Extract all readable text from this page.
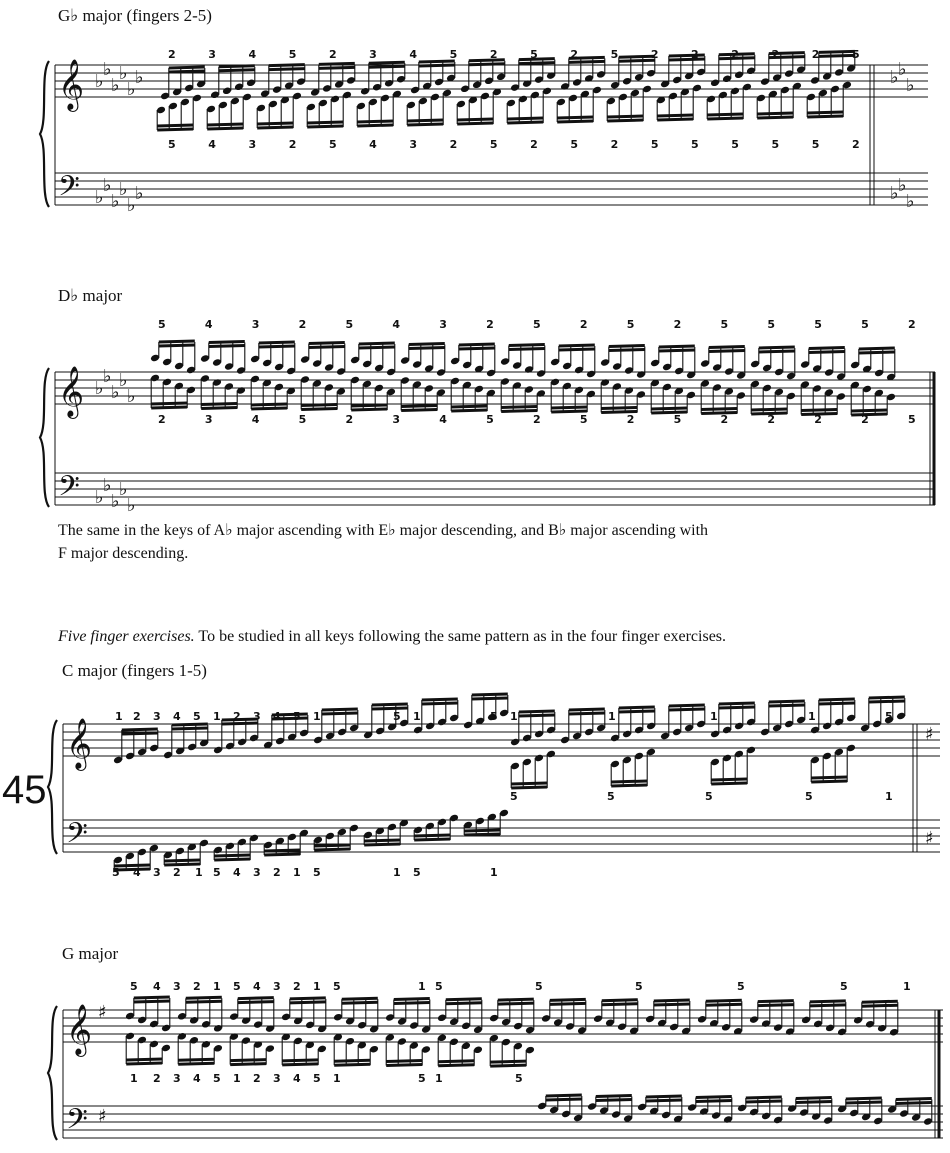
G♭ major (fingers 2-5)
D♭ major
The same in the keys of A♭ major ascending with E♭ major descending, and B♭ major ascending with
F major descending.
Five finger exercises. To be studied in all keys following the same pattern as in the four finger exercises.
C major (fingers 1-5)
45
G major
𝄞
𝄢
♭
♭
♭
♭
♭
♭
♭
♭
♭
♭
♭
♭
♭ ♭
♭
♭ ♭
♭
2	3	4	5	2	3	4	5	2	5	2	5	2	2	2	2	2	5
5	4	3	2	5	4	3	2	5	2	5	2	5	5	5	5	5	2
𝄞
𝄢
♭
♭
♭
♭
♭
♭
♭
♭
♭
♭
5	4	3	2	5	4	3	2	5	2	5	2	5	5	5	5	2
2	3	4	5	2	3	4	5	2	5	2	5	2	2	2	2	5
𝄞
𝄢
♯
♯
1 2 3 4 5 1 2 3 4 5 1	5 1	5 1	1	1	1	5
5	5	5	5	1
5 4 3 2 1 5 4 3 2 1 5	1 5	1
𝄞
𝄢
♯
♯
5 4 3 2 1 5 4 3 2 1 5	1 5	5	5	5	5	1
1 2 3 4 5 1 2 3 4 5 1	5 1	5
